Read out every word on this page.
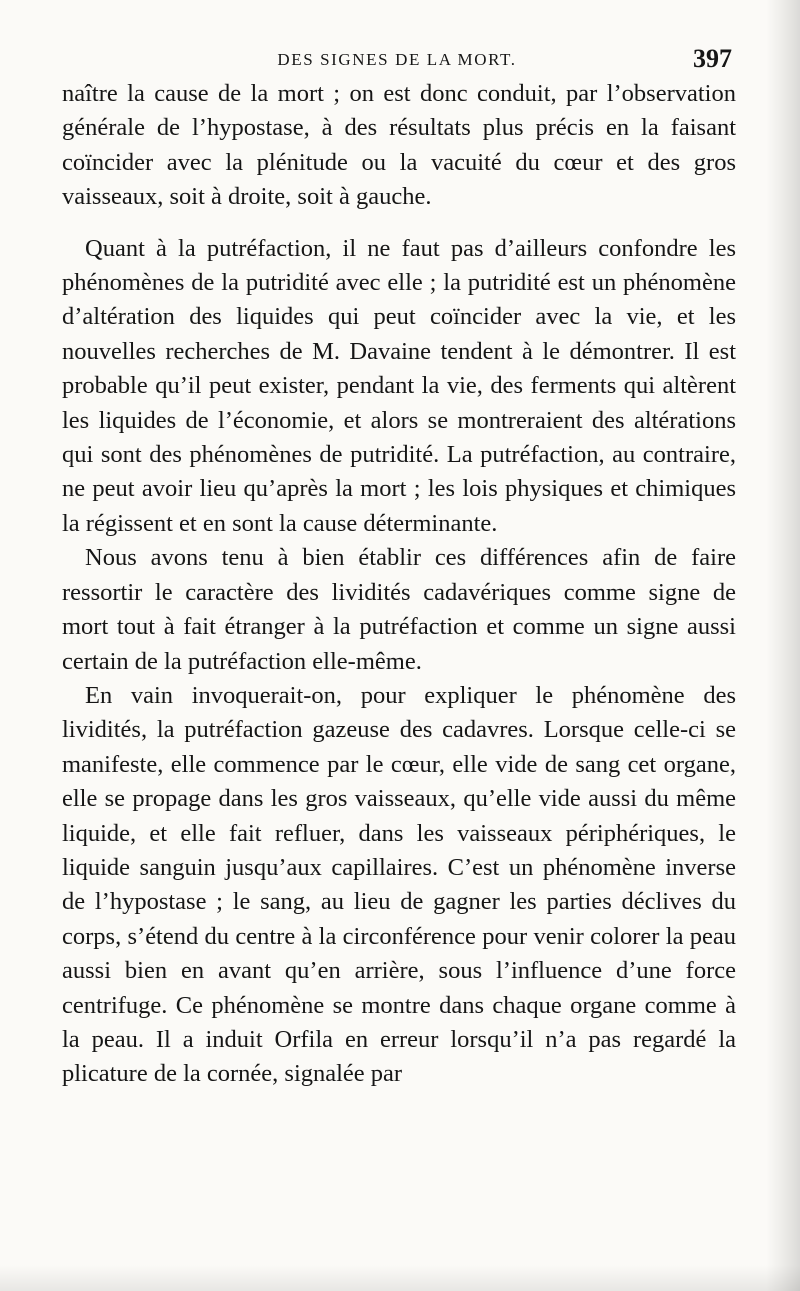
DES SIGNES DE LA MORT.	397

naître la cause de la mort ; on est donc conduit, par l’observation générale de l’hypostase, à des résultats plus précis en la faisant coïncider avec la plénitude ou la vacuité du cœur et des gros vaisseaux, soit à droite, soit à gauche.

Quant à la putréfaction, il ne faut pas d’ailleurs confondre les phénomènes de la putridité avec elle ; la putridité est un phénomène d’altération des liquides qui peut coïncider avec la vie, et les nouvelles recherches de M. Davaine tendent à le démontrer. Il est probable qu’il peut exister, pendant la vie, des ferments qui altèrent les liquides de l’économie, et alors se montreraient des altérations qui sont des phénomènes de putridité. La putréfaction, au contraire, ne peut avoir lieu qu’après la mort ; les lois physiques et chimiques la régissent et en sont la cause déterminante.

Nous avons tenu à bien établir ces différences afin de faire ressortir le caractère des lividités cadavériques comme signe de mort tout à fait étranger à la putréfaction et comme un signe aussi certain de la putréfaction elle-même.

En vain invoquerait-on, pour expliquer le phénomène des lividités, la putréfaction gazeuse des cadavres. Lorsque celle-ci se manifeste, elle commence par le cœur, elle vide de sang cet organe, elle se propage dans les gros vaisseaux, qu’elle vide aussi du même liquide, et elle fait refluer, dans les vaisseaux périphériques, le liquide sanguin jusqu’aux capillaires. C’est un phénomène inverse de l’hypostase ; le sang, au lieu de gagner les parties déclives du corps, s’étend du centre à la circonférence pour venir colorer la peau aussi bien en avant qu’en arrière, sous l’influence d’une force centrifuge. Ce phénomène se montre dans chaque organe comme à la peau. Il a induit Orfila en erreur lorsqu’il n’a pas regardé la plicature de la cornée, signalée par
